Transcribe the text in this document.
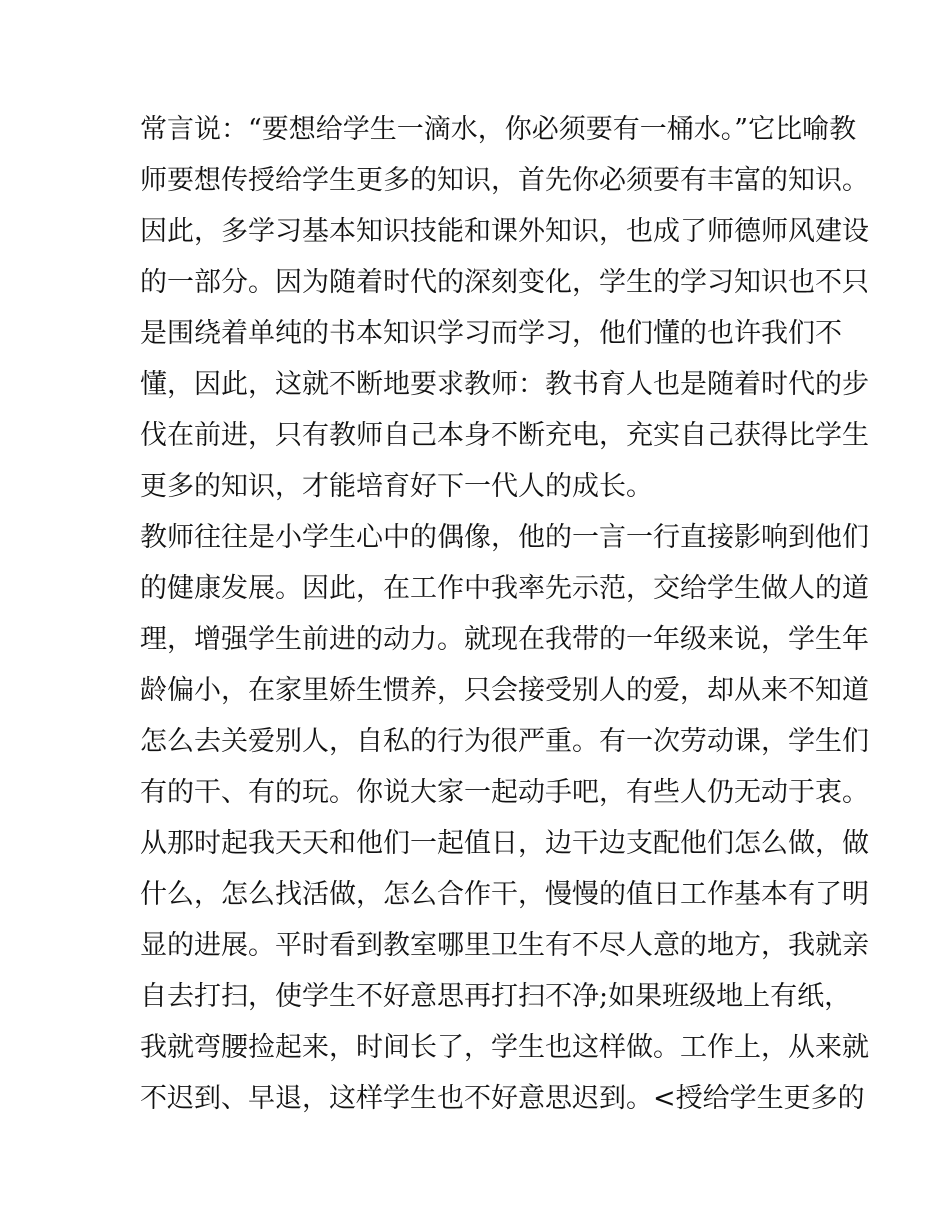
常言说：“要想给学生一滴水，你必须要有一桶水。”它比喻教
师要想传授给学生更多的知识，首先你必须要有丰富的知识。
因此，多学习基本知识技能和课外知识，也成了师德师风建设
的一部分。因为随着时代的深刻变化，学生的学习知识也不只
是围绕着单纯的书本知识学习而学习，他们懂的也许我们不
懂，因此，这就不断地要求教师：教书育人也是随着时代的步
伐在前进，只有教师自己本身不断充电，充实自己获得比学生
更多的知识，才能培育好下一代人的成长。
教师往往是小学生心中的偶像，他的一言一行直接影响到他们
的健康发展。因此，在工作中我率先示范，交给学生做人的道
理，增强学生前进的动力。就现在我带的一年级来说，学生年
龄偏小，在家里娇生惯养，只会接受别人的爱，却从来不知道
怎么去关爱别人，自私的行为很严重。有一次劳动课，学生们
有的干、有的玩。你说大家一起动手吧，有些人仍无动于衷。
从那时起我天天和他们一起值日，边干边支配他们怎么做，做
什么，怎么找活做，怎么合作干，慢慢的值日工作基本有了明
显的进展。平时看到教室哪里卫生有不尽人意的地方，我就亲
自去打扫，使学生不好意思再打扫不净;如果班级地上有纸，
我就弯腰捡起来，时间长了，学生也这样做。工作上，从来就
不迟到、早退，这样学生也不好意思迟到。<授给学生更多的
